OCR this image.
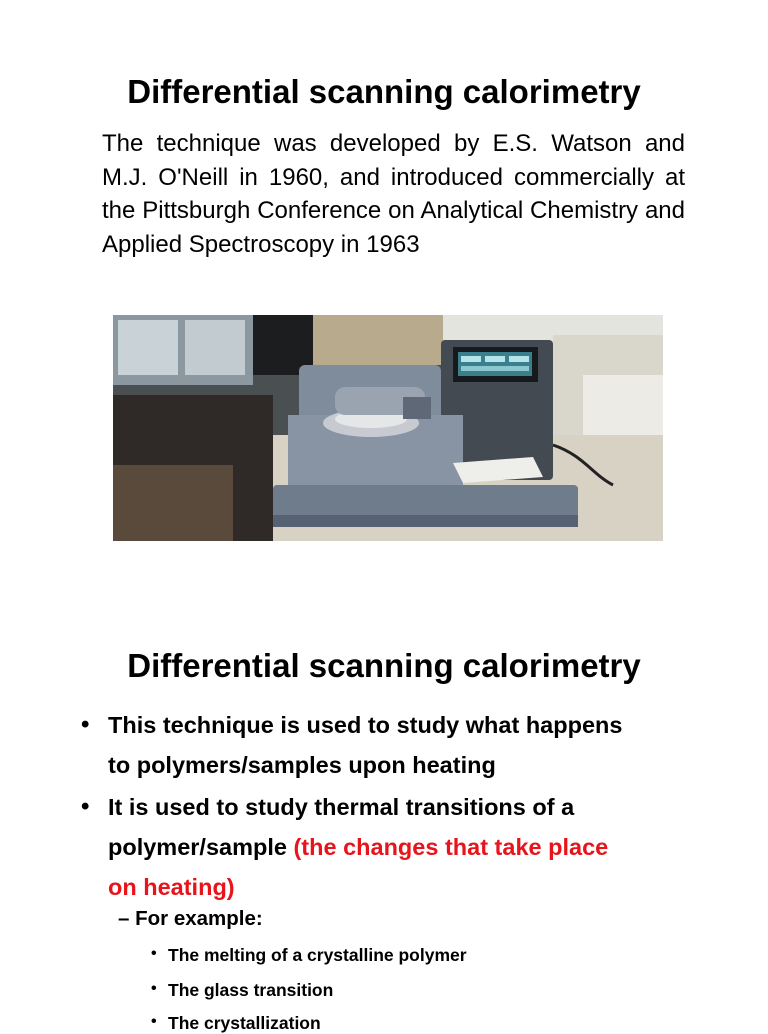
Differential scanning calorimetry

The technique was developed by E.S. Watson and M.J. O'Neill in 1960, and introduced commercially at the Pittsburgh Conference on Analytical Chemistry and Applied Spectroscopy in 1963

Differential scanning calorimetry
• This technique is used to study what happens
to polymers/samples upon heating
• It is used to study thermal transitions of a
polymer/sample (the changes that take place
on heating)
– For example:
• The melting of a crystalline polymer
• The glass transition
• The crystallization
